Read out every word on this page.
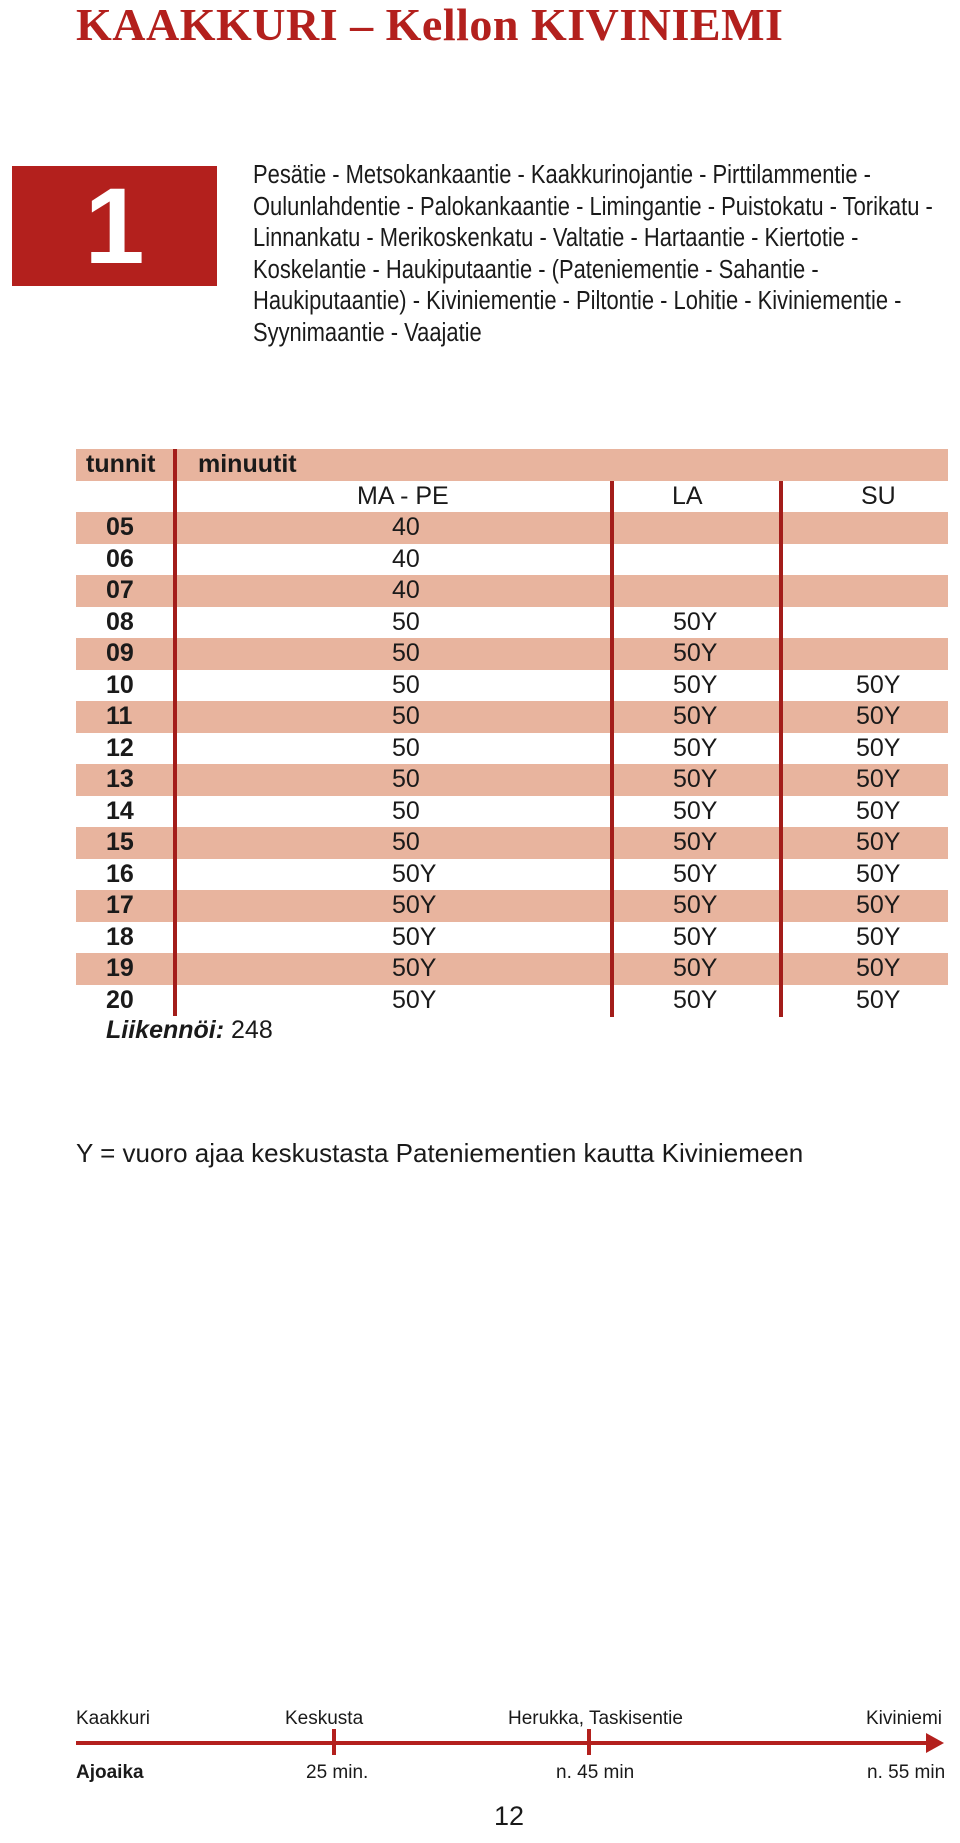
KAAKKURI – Kellon KIVINIEMI
1	Pesätie - Metsokankaantie - Kaakkurinojantie - Pirttilammentie - Oulunlahdentie - Palokankaantie - Limingantie - Puistokatu - Torikatu - Linnankatu - Merikoskenkatu - Valtatie - Hartaantie - Kiertotie - Koskelantie - Haukiputaantie - (Pateniementie - Sahantie - Haukiputaantie) - Kiviniementie - Piltontie - Lohitie - Kiviniementie - Syynimaantie - Vaajatie

tunnit minuutit
MA - PE	LA	SU
05	40
06	40
07	40
08	50	50Y
09	50	50Y
10	50	50Y	50Y
11	50	50Y	50Y
12	50	50Y	50Y
13	50	50Y	50Y
14	50	50Y	50Y
15	50	50Y	50Y
16	50Y	50Y	50Y
17	50Y	50Y	50Y
18	50Y	50Y	50Y
19	50Y	50Y	50Y
20	50Y	50Y	50Y
Liikennöi: 248
Y = vuoro ajaa keskustasta Pateniementien kautta Kiviniemeen
Kaakkuri	Keskusta	Herukka, Taskisentie	Kiviniemi
Ajoaika	25 min.	n. 45 min	n. 55 min
12
